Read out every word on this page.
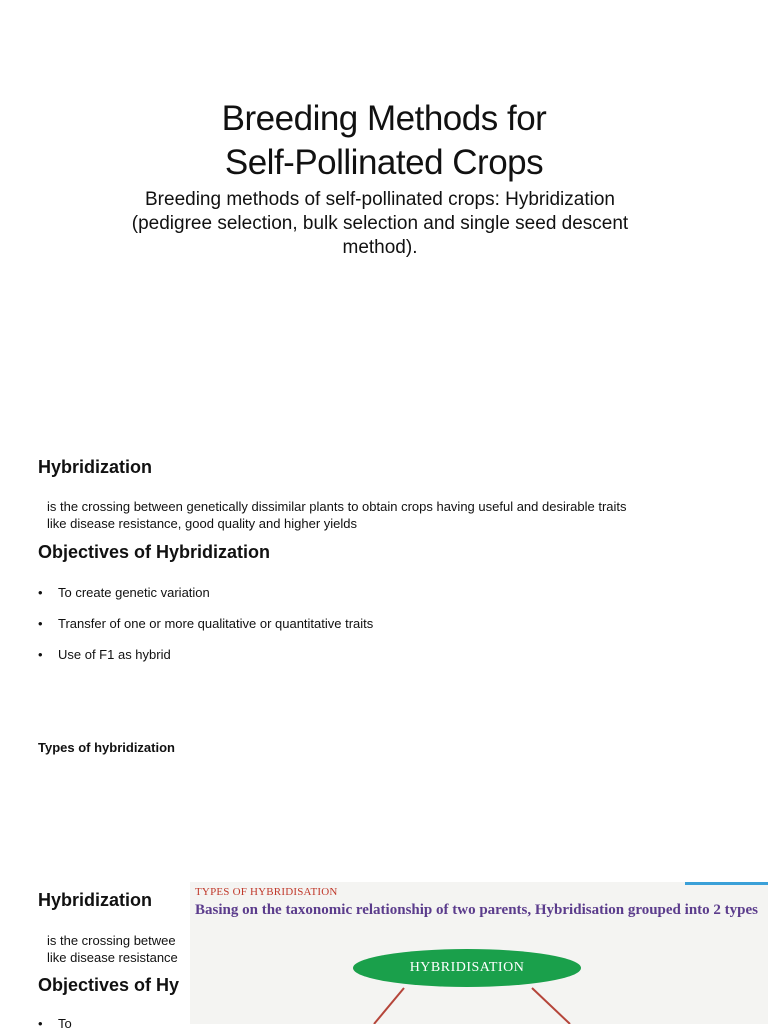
Breeding Methods for
Self-Pollinated Crops
Breeding methods of self-pollinated crops: Hybridization
(pedigree selection, bulk selection and single seed descent
method).
Hybridization
is the crossing between genetically dissimilar plants to obtain crops having useful and desirable traits
like disease resistance, good quality and higher yields
Objectives of Hybridization
• To create genetic variation
• Transfer of one or more qualitative or quantitative traits
• Use of F1 as hybrid
Types of hybridization
Hybridization
is the crossing betwee
like disease resistance
Objectives of Hy
• To
TYPES OF HYBRIDISATION
Basing on the taxonomic relationship of two parents, Hybridisation grouped into 2 types
HYBRIDISATION
